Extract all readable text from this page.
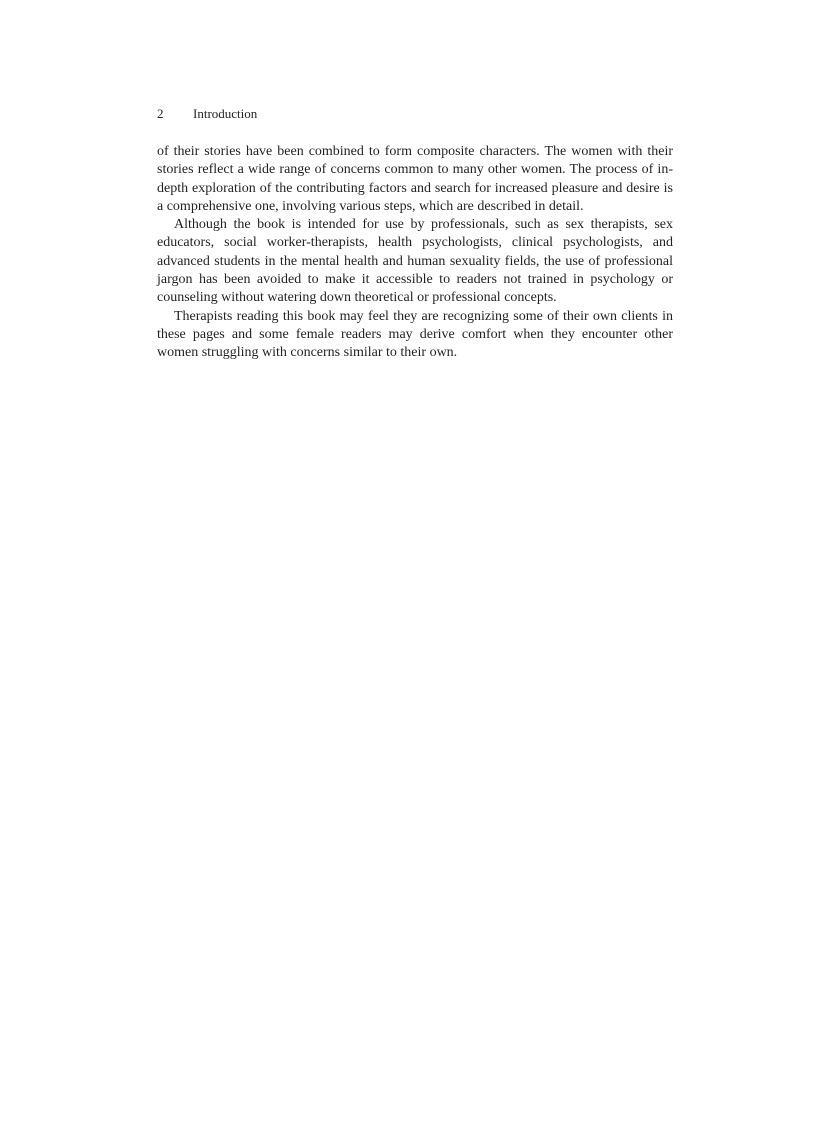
2 Introduction

of their stories have been combined to form composite characters. The women with their stories reflect a wide range of concerns common to many other women. The process of in-depth exploration of the contributing factors and search for increased pleasure and desire is a comprehensive one, involving various steps, which are described in detail.

Although the book is intended for use by professionals, such as sex therapists, sex educators, social worker-therapists, health psychologists, clinical psychologists, and advanced students in the mental health and human sexuality fields, the use of professional jargon has been avoided to make it accessible to readers not trained in psychology or counseling without watering down theoretical or professional concepts.

Therapists reading this book may feel they are recognizing some of their own clients in these pages and some female readers may derive comfort when they encounter other women struggling with concerns similar to their own.
